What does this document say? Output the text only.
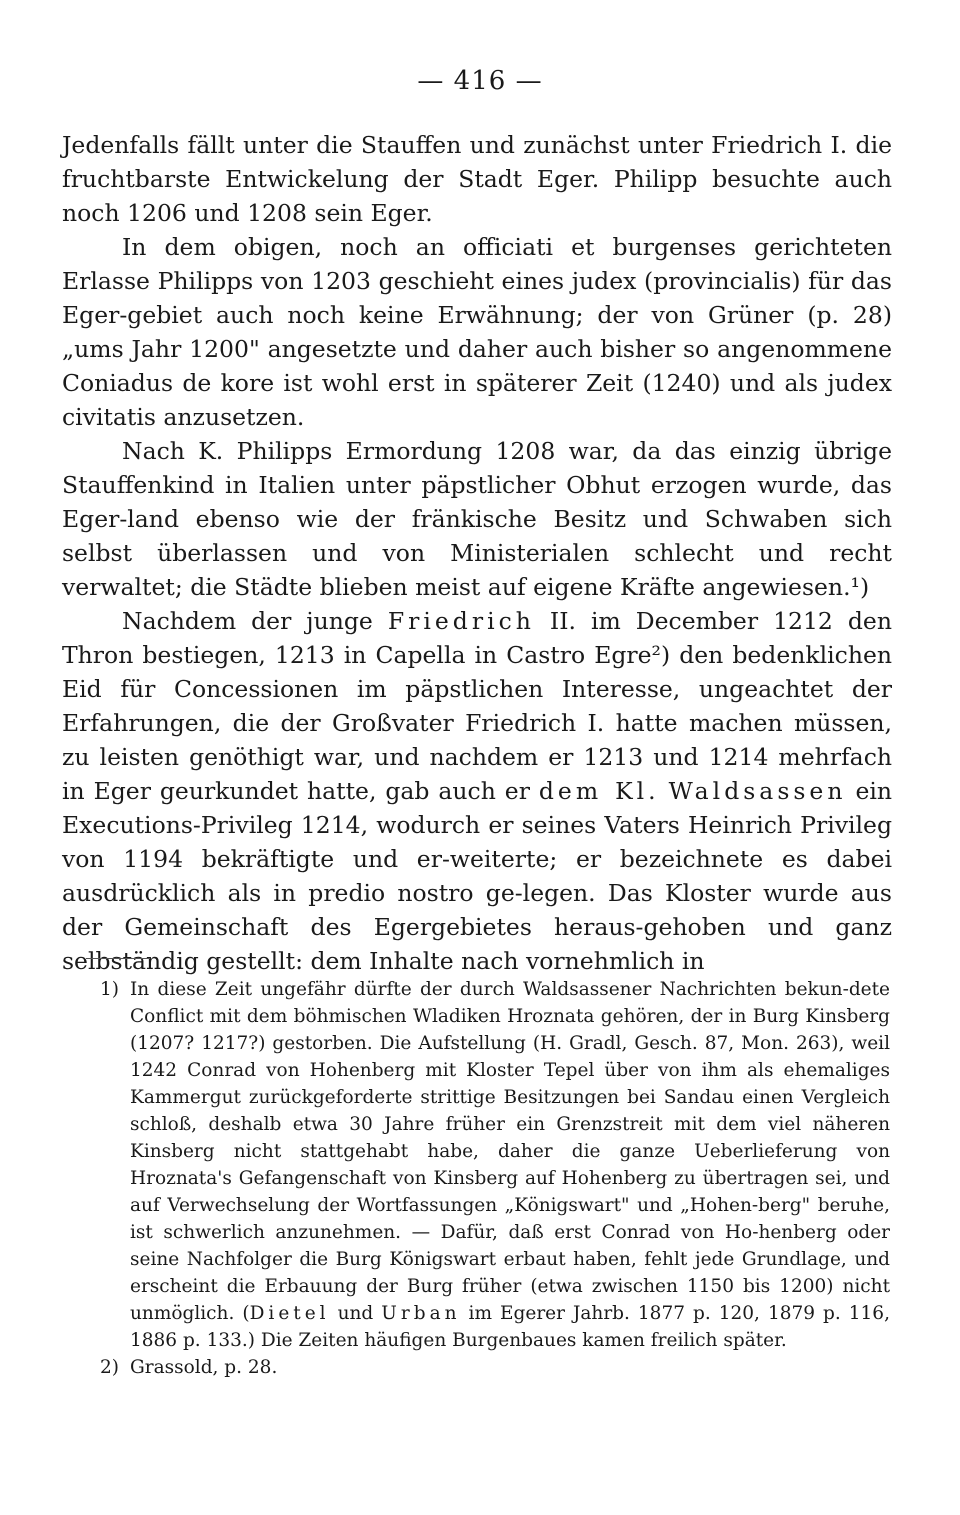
— 416 —

Jedenfalls fällt unter die Stauffen und zunächst unter Friedrich I. die fruchtbarste Entwickelung der Stadt Eger. Philipp besuchte auch noch 1206 und 1208 sein Eger.

In dem obigen, noch an officiati et burgenses gerichteten Erlasse Philipps von 1203 geschieht eines judex (provincialis) für das Eger-gebiet auch noch keine Erwähnung; der von Grüner (p. 28) „ums Jahr 1200" angesetzte und daher auch bisher so angenommene Coniadus de kore ist wohl erst in späterer Zeit (1240) und als judex civitatis anzusetzen.

Nach K. Philipps Ermordung 1208 war, da das einzig übrige Stauffenkind in Italien unter päpstlicher Obhut erzogen wurde, das Eger-land ebenso wie der fränkische Besitz und Schwaben sich selbst überlassen und von Ministerialen schlecht und recht verwaltet; die Städte blieben meist auf eigene Kräfte angewiesen.¹)

Nachdem der junge Friedrich II. im December 1212 den Thron bestiegen, 1213 in Capella in Castro Egre²) den bedenklichen Eid für Concessionen im päpstlichen Interesse, ungeachtet der Erfahrungen, die der Großvater Friedrich I. hatte machen müssen, zu leisten genöthigt war, und nachdem er 1213 und 1214 mehrfach in Eger geurkundet hatte, gab auch er dem Kl. Waldsassen ein Executions-Privileg 1214, wodurch er seines Vaters Heinrich Privileg von 1194 bekräftigte und er-weiterte; er bezeichnete es dabei ausdrücklich als in predio nostro ge-legen. Das Kloster wurde aus der Gemeinschaft des Egergebietes heraus-gehoben und ganz selbständig gestellt: dem Inhalte nach vornehmlich in

1) In diese Zeit ungefähr dürfte der durch Waldsassener Nachrichten bekun-dete Conflict mit dem böhmischen Wladiken Hroznata gehören, der in Burg Kinsberg (1207? 1217?) gestorben. Die Aufstellung (H. Gradl, Gesch. 87, Mon. 263), weil 1242 Conrad von Hohenberg mit Kloster Tepel über von ihm als ehemaliges Kammergut zurückgeforderte strittige Besitzungen bei Sandau einen Vergleich schloß, deshalb etwa 30 Jahre früher ein Grenzstreit mit dem viel näheren Kinsberg nicht stattgehabt habe, daher die ganze Ueberlieferung von Hroznata's Gefangenschaft von Kinsberg auf Hohenberg zu übertragen sei, und auf Verwechselung der Wortfassungen „Königswart" und „Hohen-berg" beruhe, ist schwerlich anzunehmen. — Dafür, daß erst Conrad von Ho-henberg oder seine Nachfolger die Burg Königswart erbaut haben, fehlt jede Grundlage, und erscheint die Erbauung der Burg früher (etwa zwischen 1150 bis 1200) nicht unmöglich. (Dietel und Urban im Egerer Jahrb. 1877 p. 120, 1879 p. 116, 1886 p. 133.) Die Zeiten häufigen Burgenbaues kamen freilich später.

2) Grassold, p. 28.
